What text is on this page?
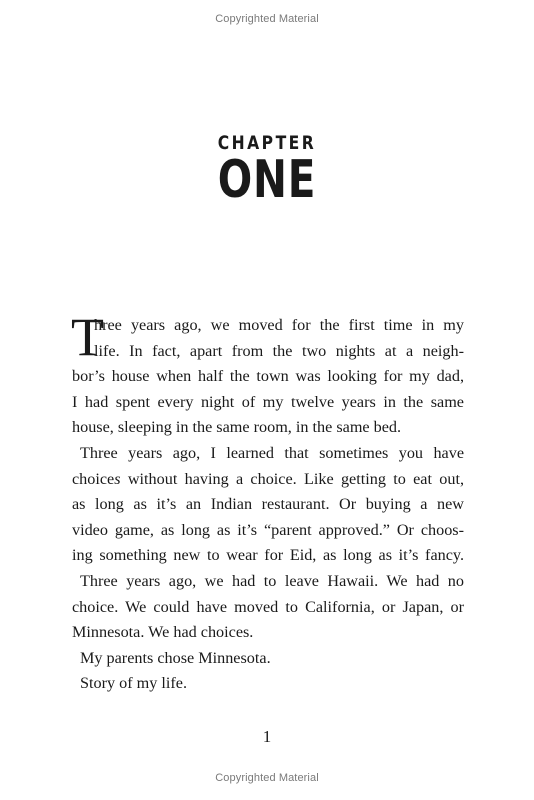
Copyrighted Material
CHAPTER
ONE
T
hree years ago, we moved for the first time in my
life. In fact, apart from the two nights at a neigh-
bor’s house when half the town was looking for my dad,
I had spent every night of my twelve years in the same
house, sleeping in the same room, in the same bed.
Three years ago, I learned that sometimes you have
choices without having a choice. Like getting to eat out,
as long as it’s an Indian restaurant. Or buying a new
video game, as long as it’s “parent approved.” Or choos-
ing something new to wear for Eid, as long as it’s fancy.
Three years ago, we had to leave Hawaii. We had no
choice. We could have moved to California, or Japan, or
Minnesota. We had choices.
My parents chose Minnesota.
Story of my life.
1
Copyrighted Material
